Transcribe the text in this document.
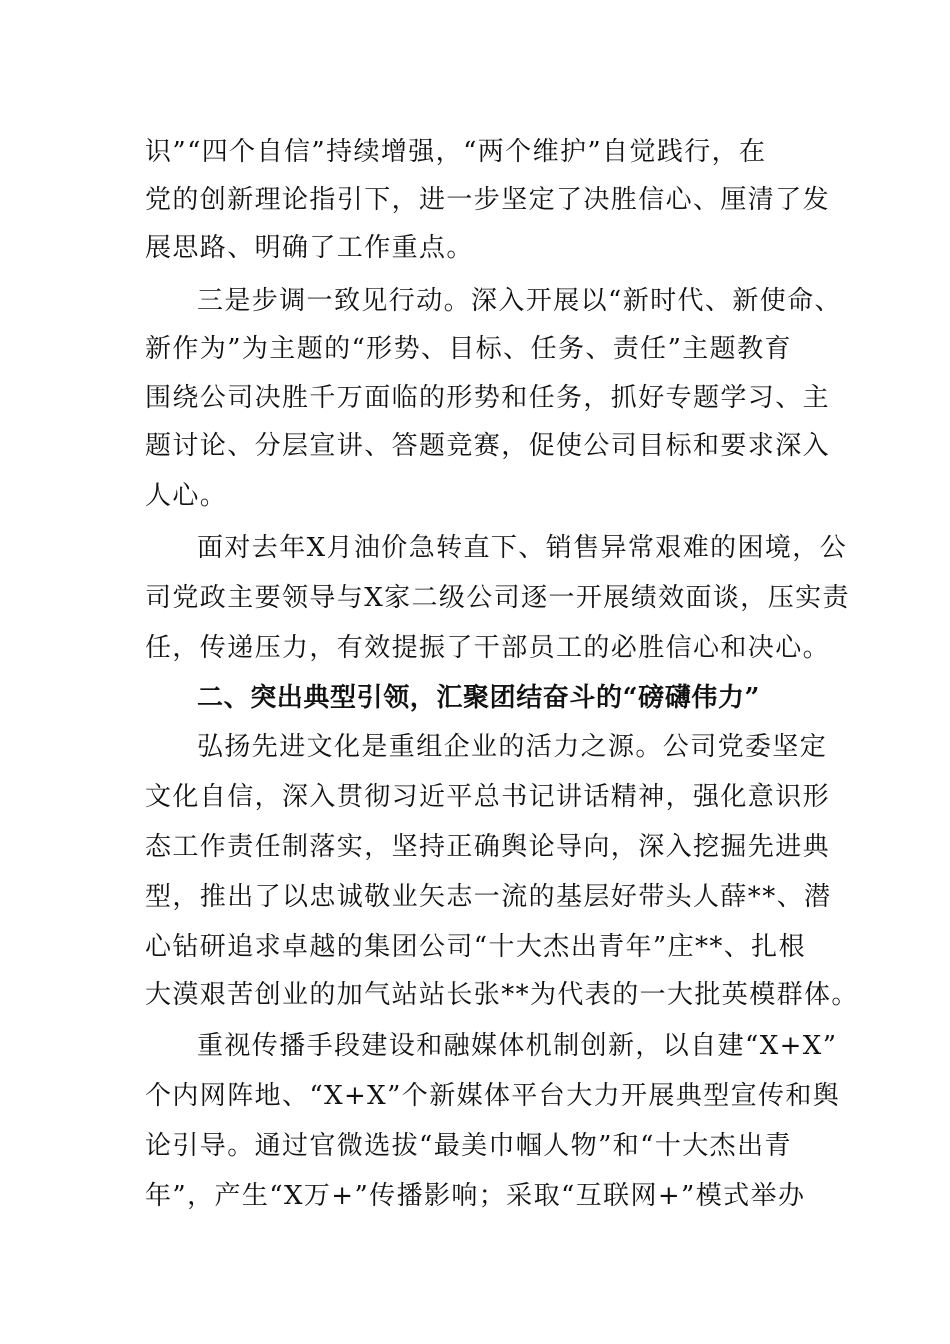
识”“四个自信”持续增强，“两个维护”自觉践行，在
党的创新理论指引下，进一步坚定了决胜信心、厘清了发
展思路、明确了工作重点。
三是步调一致见行动。深入开展以“新时代、新使命、
新作为”为主题的“形势、目标、任务、责任”主题教育
围绕公司决胜千万面临的形势和任务，抓好专题学习、主
题讨论、分层宣讲、答题竞赛，促使公司目标和要求深入
人心。
面对去年X月油价急转直下、销售异常艰难的困境，公
司党政主要领导与X家二级公司逐一开展绩效面谈，压实责
任，传递压力，有效提振了干部员工的必胜信心和决心。
二、突出典型引领，汇聚团结奋斗的“磅礴伟力”
弘扬先进文化是重组企业的活力之源。公司党委坚定
文化自信，深入贯彻习近平总书记讲话精神，强化意识形
态工作责任制落实，坚持正确舆论导向，深入挖掘先进典
型，推出了以忠诚敬业矢志一流的基层好带头人薛**、潜
心钻研追求卓越的集团公司“十大杰出青年”庄**、扎根
大漠艰苦创业的加气站站长张**为代表的一大批英模群体。
重视传播手段建设和融媒体机制创新，以自建“X+X”
个内网阵地、“X+X”个新媒体平台大力开展典型宣传和舆
论引导。通过官微选拔“最美巾帼人物”和“十大杰出青
年”，产生“X万+”传播影响；采取“互联网+”模式举办
